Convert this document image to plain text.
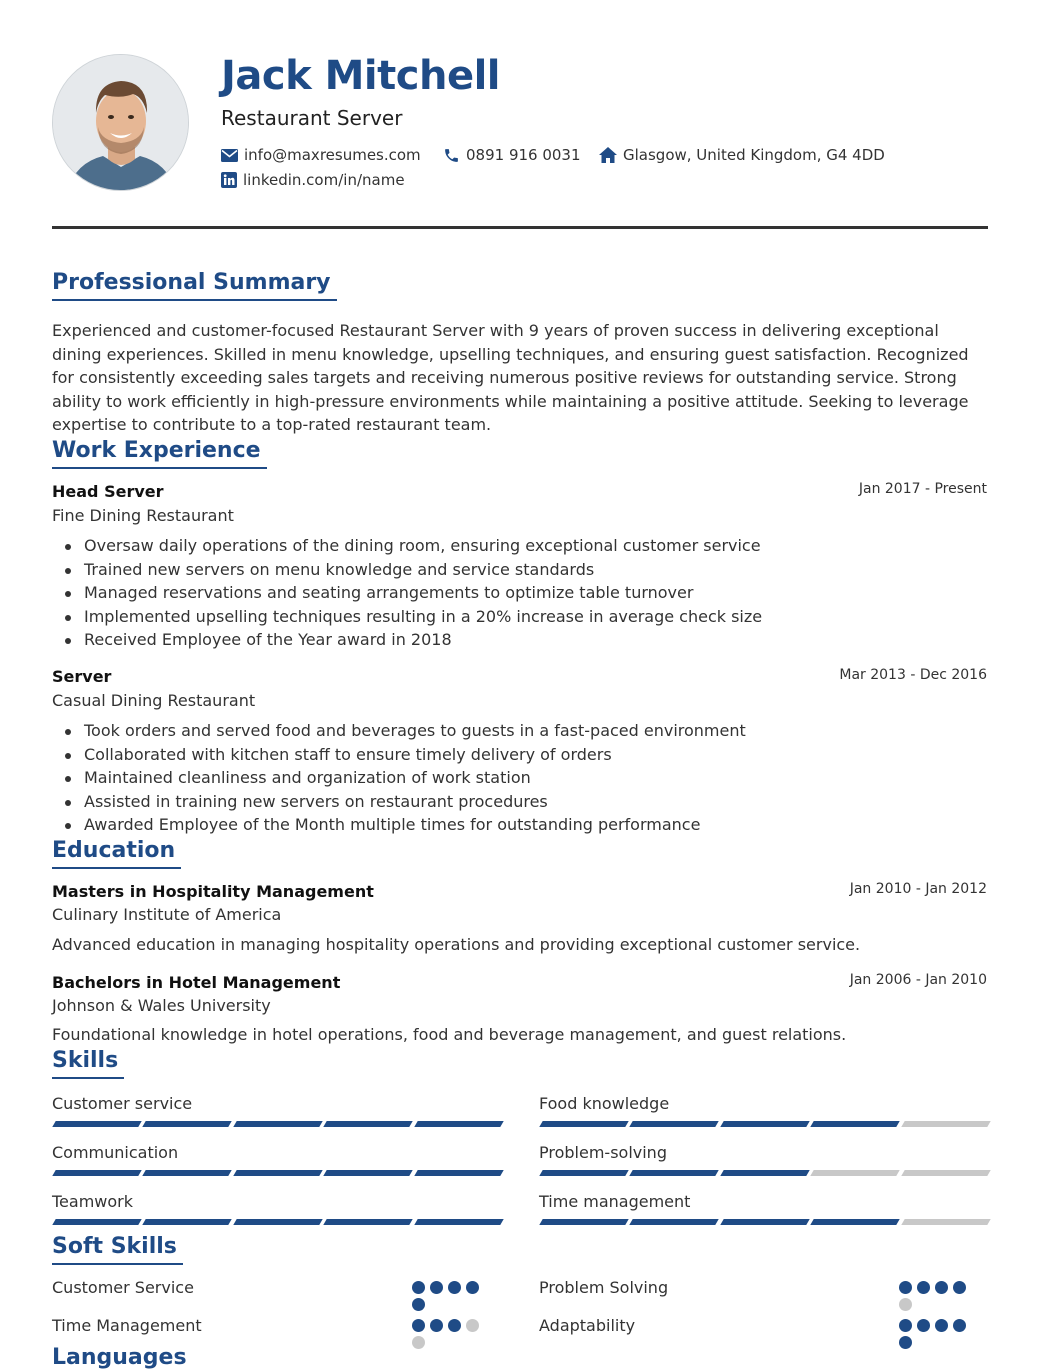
Jack Mitchell
Restaurant Server
info@maxresumes.com	0891 916 0031	Glasgow, United Kingdom, G4 4DD
linkedin.com/in/name
Professional Summary

Experienced and customer-focused Restaurant Server with 9 years of proven success in delivering exceptional dining experiences. Skilled in menu knowledge, upselling techniques, and ensuring guest satisfaction. Recognized for consistently exceeding sales targets and receiving numerous positive reviews for outstanding service. Strong ability to work efficiently in high-pressure environments while maintaining a positive attitude. Seeking to leverage expertise to contribute to a top-rated restaurant team.

Work Experience
Head Server	Jan 2017 - Present
Fine Dining Restaurant
Oversaw daily operations of the dining room, ensuring exceptional customer service
Trained new servers on menu knowledge and service standards
Managed reservations and seating arrangements to optimize table turnover
Implemented upselling techniques resulting in a 20% increase in average check size
Received Employee of the Year award in 2018
Server	Mar 2013 - Dec 2016
Casual Dining Restaurant
Took orders and served food and beverages to guests in a fast-paced environment
Collaborated with kitchen staff to ensure timely delivery of orders
Maintained cleanliness and organization of work station
Assisted in training new servers on restaurant procedures
Awarded Employee of the Month multiple times for outstanding performance
Education
Masters in Hospitality Management	Jan 2010 - Jan 2012
Culinary Institute of America
Advanced education in managing hospitality operations and providing exceptional customer service.
Bachelors in Hotel Management	Jan 2006 - Jan 2010
Johnson & Wales University
Foundational knowledge in hotel operations, food and beverage management, and guest relations.
Skills
Customer service	Food knowledge
Communication	Problem-solving
Teamwork	Time management
Soft Skills
Customer Service	Problem Solving
Time Management	Adaptability
Languages
